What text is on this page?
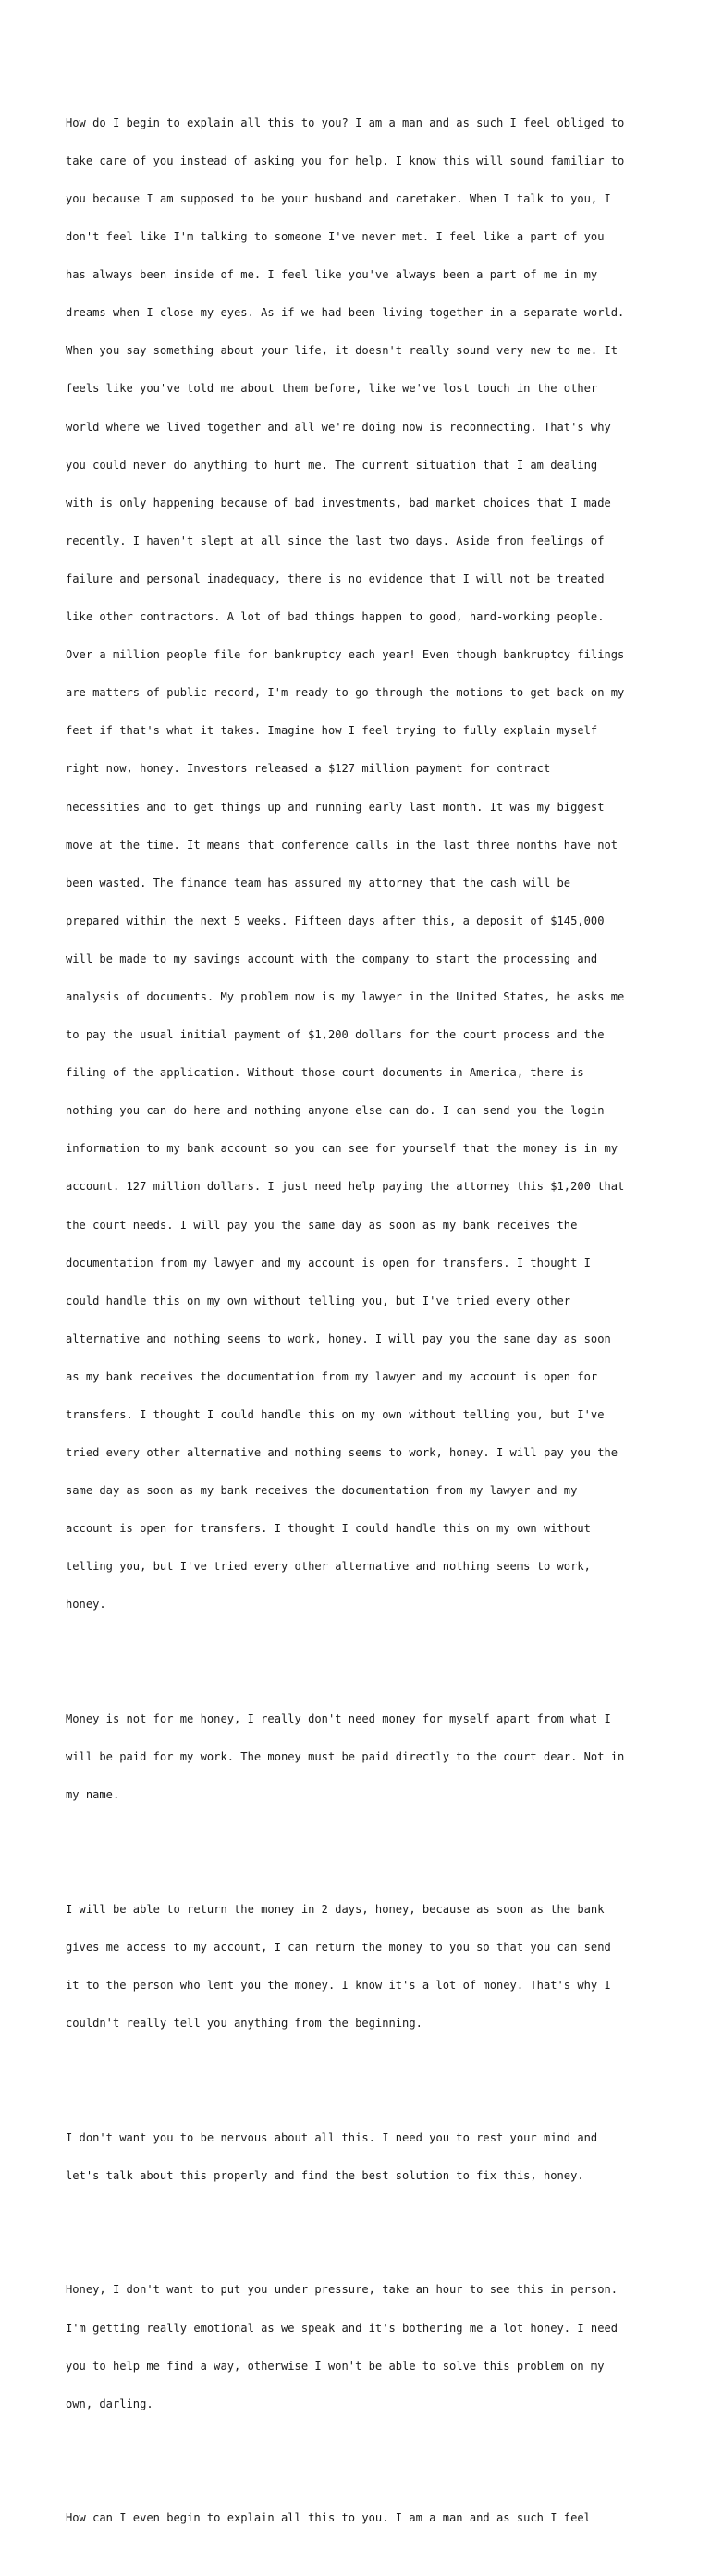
How do I begin to explain all this to you? I am a man and as such I feel obliged to

take care of you instead of asking you for help. I know this will sound familiar to

you because I am supposed to be your husband and caretaker. When I talk to you, I

don't feel like I'm talking to someone I've never met. I feel like a part of you

has always been inside of me. I feel like you've always been a part of me in my

dreams when I close my eyes. As if we had been living together in a separate world.

When you say something about your life, it doesn't really sound very new to me. It

feels like you've told me about them before, like we've lost touch in the other

world where we lived together and all we're doing now is reconnecting. That's why

you could never do anything to hurt me. The current situation that I am dealing

with is only happening because of bad investments, bad market choices that I made

recently. I haven't slept at all since the last two days. Aside from feelings of

failure and personal inadequacy, there is no evidence that I will not be treated

like other contractors. A lot of bad things happen to good, hard-working people.

Over a million people file for bankruptcy each year! Even though bankruptcy filings

are matters of public record, I'm ready to go through the motions to get back on my

feet if that's what it takes. Imagine how I feel trying to fully explain myself

right now, honey. Investors released a $127 million payment for contract

necessities and to get things up and running early last month. It was my biggest

move at the time. It means that conference calls in the last three months have not

been wasted. The finance team has assured my attorney that the cash will be

prepared within the next 5 weeks. Fifteen days after this, a deposit of $145,000

will be made to my savings account with the company to start the processing and

analysis of documents. My problem now is my lawyer in the United States, he asks me

to pay the usual initial payment of $1,200 dollars for the court process and the

filing of the application. Without those court documents in America, there is

nothing you can do here and nothing anyone else can do. I can send you the login

information to my bank account so you can see for yourself that the money is in my

account. 127 million dollars. I just need help paying the attorney this $1,200 that

the court needs. I will pay you the same day as soon as my bank receives the

documentation from my lawyer and my account is open for transfers. I thought I

could handle this on my own without telling you, but I've tried every other

alternative and nothing seems to work, honey. I will pay you the same day as soon

as my bank receives the documentation from my lawyer and my account is open for

transfers. I thought I could handle this on my own without telling you, but I've

tried every other alternative and nothing seems to work, honey. I will pay you the

same day as soon as my bank receives the documentation from my lawyer and my

account is open for transfers. I thought I could handle this on my own without

telling you, but I've tried every other alternative and nothing seems to work,

honey.

Money is not for me honey, I really don't need money for myself apart from what I

will be paid for my work. The money must be paid directly to the court dear. Not in

my name.

I will be able to return the money in 2 days, honey, because as soon as the bank

gives me access to my account, I can return the money to you so that you can send

it to the person who lent you the money. I know it's a lot of money. That's why I

couldn't really tell you anything from the beginning.

I don't want you to be nervous about all this. I need you to rest your mind and

let's talk about this properly and find the best solution to fix this, honey.

Honey, I don't want to put you under pressure, take an hour to see this in person.

I'm getting really emotional as we speak and it's bothering me a lot honey. I need

you to help me find a way, otherwise I won't be able to solve this problem on my

own, darling.

How can I even begin to explain all this to you. I am a man and as such I feel
